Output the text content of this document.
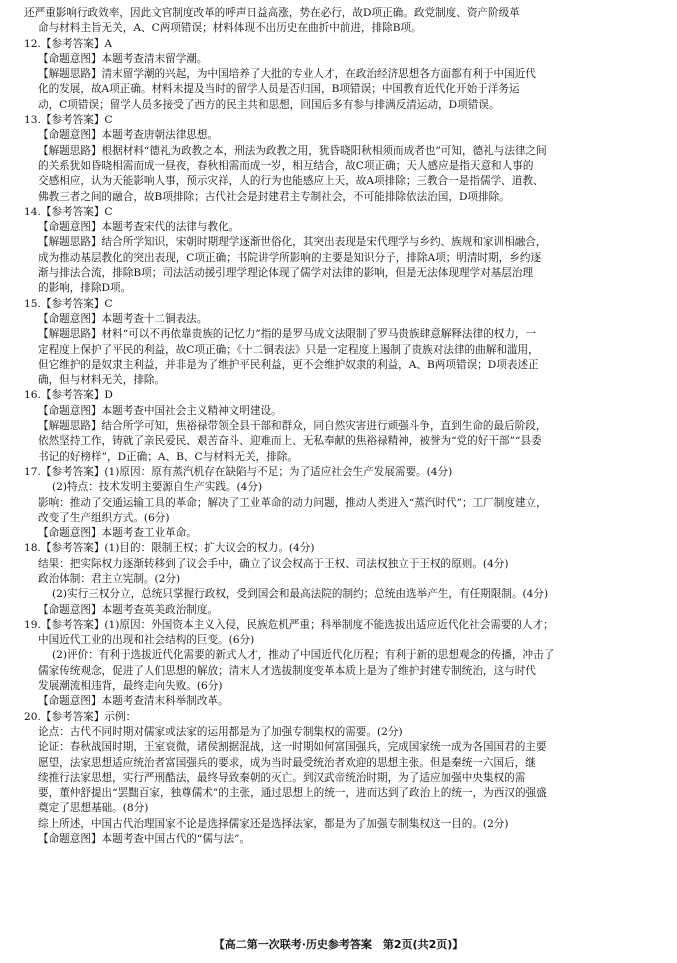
还严重影响行政效率，因此文官制度改革的呼声日益高涨，势在必行，故D项正确。政党制度、资产阶级革
命与材料主旨无关，A、C两项错误；材料体现不出历史在曲折中前进，排除B项。
12.【参考答案】A
【命题意图】本题考查清末留学潮。
【解题思路】清末留学潮的兴起，为中国培养了大批的专业人才，在政治经济思想各方面都有利于中国近代
化的发展，故A项正确。材料未提及当时的留学人员是否归国，B项错误；中国教育近代化开始于洋务运
动，C项错误；留学人员多接受了西方的民主共和思想，回国后多有参与排满反清运动，D项错误。
13.【参考答案】C
【命题意图】本题考查唐朝法律思想。
【解题思路】根据材料“德礼为政教之本，刑法为政教之用，犹昏晓阳秋相须而成者也”可知，德礼与法律之间
的关系犹如昏晓相需而成一昼夜，春秋相需而成一岁，相互结合，故C项正确；天人感应是指天意和人事的
交感相应，认为天能影响人事，预示灾祥，人的行为也能感应上天，故A项排除；三教合一是指儒学、道教、
佛教三者之间的融合，故B项排除；古代社会是封建君主专制社会，不可能排除依法治国，D项排除。
14.【参考答案】C
【命题意图】本题考查宋代的法律与教化。
【解题思路】结合所学知识，宋朝时期理学逐渐世俗化，其突出表现是宋代理学与乡约、族规和家训相融合，
成为推动基层教化的突出表现，C项正确；书院讲学所影响的主要是知识分子，排除A项；明清时期，乡约逐
渐与排法合流，排除B项；司法活动援引理学理论体现了儒学对法律的影响，但是无法体现理学对基层治理
的影响，排除D项。
15.【参考答案】C
【命题意图】本题考查十二铜表法。
【解题思路】材料“可以不再依靠贵族的记忆力”指的是罗马成文法限制了罗马贵族肆意解释法律的权力，一
定程度上保护了平民的利益，故C项正确；《十二铜表法》只是一定程度上遏制了贵族对法律的曲解和滥用，
但它维护的是奴隶主利益，并非是为了维护平民利益，更不会维护奴隶的利益，A、B两项错误；D项表述正
确，但与材料无关，排除。
16.【参考答案】D
【命题意图】本题考查中国社会主义精神文明建设。
【解题思路】结合所学可知，焦裕禄带领全县干部和群众，同自然灾害进行顽强斗争，直到生命的最后阶段，
依然坚持工作，铸就了亲民爱民、艰苦奋斗、迎难而上、无私奉献的焦裕禄精神，被誉为“党的好干部”“县委
书记的好榜样”，D正确；A、B、C与材料无关，排除。
17.【参考答案】(1)原因：原有蒸汽机存在缺陷与不足；为了适应社会生产发展需要。(4分)
(2)特点：技术发明主要源自生产实践。(4分)
影响：推动了交通运输工具的革命；解决了工业革命的动力问题，推动人类进入“蒸汽时代”；工厂制度建立，
改变了生产组织方式。(6分)
【命题意图】本题考查工业革命。
18.【参考答案】(1)目的：限制王权；扩大议会的权力。(4分)
结果：把实际权力逐渐转移到了议会手中，确立了议会权高于王权、司法权独立于王权的原则。(4分)
政治体制：君主立宪制。(2分)
(2)实行三权分立，总统只掌握行政权，受到国会和最高法院的制约；总统由选举产生，有任期限制。(4分)
【命题意图】本题考查英美政治制度。
19.【参考答案】(1)原因：外国资本主义入侵，民族危机严重；科举制度不能选拔出适应近代化社会需要的人才；
中国近代工业的出现和社会结构的巨变。(6分)
(2)评价：有利于选拔近代化需要的新式人才，推动了中国近代化历程；有利于新的思想观念的传播，冲击了
儒家传统观念，促进了人们思想的解放；清末人才选拔制度变革本质上是为了维护封建专制统治，这与时代
发展潮流相违背，最终走向失败。(6分)
【命题意图】本题考查清末科举制改革。
20.【参考答案】示例：
论点：古代不同时期对儒家或法家的运用都是为了加强专制集权的需要。(2分)
论证：春秋战国时期，王室衰微，诸侯割据混战，这一时期如何富国强兵，完成国家统一成为各国国君的主要
愿望，法家思想适应统治者富国强兵的要求，成为当时最受统治者欢迎的思想主张。但是秦统一六国后，继
续推行法家思想，实行严刑酷法，最终导致秦朝的灭亡。到汉武帝统治时期，为了适应加强中央集权的需
要，董仲舒提出“罢黜百家，独尊儒术”的主张，通过思想上的统一，进而达到了政治上的统一，为西汉的强盛
奠定了思想基础。(8分)
综上所述，中国古代治理国家不论是选择儒家还是选择法家，都是为了加强专制集权这一目的。(2分)
【命题意图】本题考查中国古代的“儒与法”。
【高二第一次联考·历史参考答案　第2页(共2页)】
